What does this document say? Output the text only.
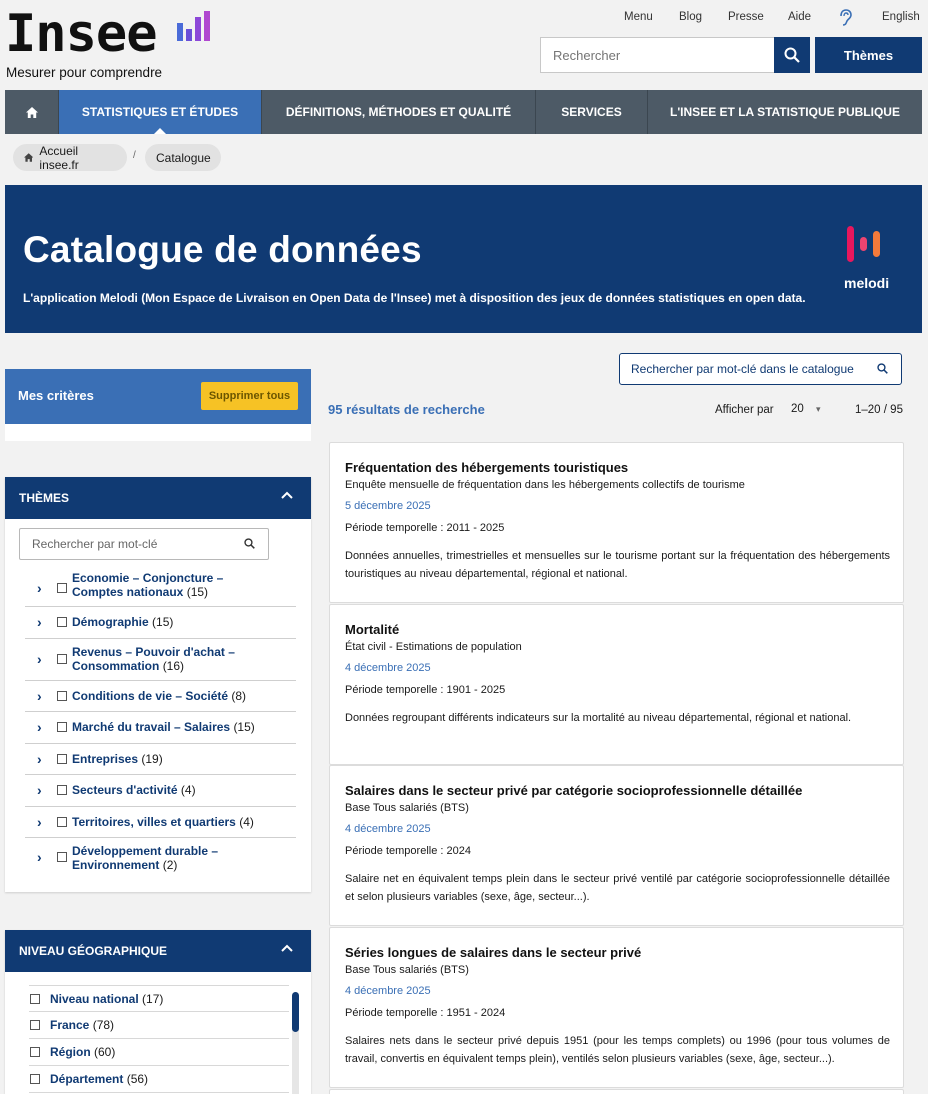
Insee
Mesurer pour comprendre
Menu Blog Presse Aide	English
Rechercher
Thèmes
STATISTIQUES ET ÉTUDES	DÉFINITIONS, MÉTHODES ET QUALITÉ	SERVICES	L'INSEE ET LA STATISTIQUE PUBLIQUE
Accueil insee.fr
/ Catalogue
Catalogue de données
L'application Melodi (Mon Espace de Livraison en Open Data de l'Insee) met à disposition des jeux de données statistiques en open data.
melodi
Mes critères	Supprimer tous
THÈMES
Rechercher par mot-clé
›
Economie – Conjoncture – Comptes nationaux (15)
›	Démographie (15)
›	Revenus – Pouvoir d'achat – Consommation (16)
›	Conditions de vie – Société (8)
›	Marché du travail – Salaires (15)
›	Entreprises (19)
›	Secteurs d'activité (4)
›	Territoires, villes et quartiers (4)
›	Développement durable – Environnement (2)
NIVEAU GÉOGRAPHIQUE
Niveau national (17)
France (78)
Région (60)
Département (56)
Rechercher par mot-clé dans le catalogue
95 résultats de recherche	Afficher par 20 ▾	1–20 / 95
Fréquentation des hébergements touristiques
Enquête mensuelle de fréquentation dans les hébergements collectifs de tourisme
5 décembre 2025
Période temporelle : 2011 - 2025
Données annuelles, trimestrielles et mensuelles sur le tourisme portant sur la fréquentation des hébergements touristiques au niveau départemental, régional et national.
Mortalité
État civil - Estimations de population
4 décembre 2025
Période temporelle : 1901 - 2025
Données regroupant différents indicateurs sur la mortalité au niveau départemental, régional et national.
Salaires dans le secteur privé par catégorie socioprofessionnelle détaillée
Base Tous salariés (BTS)
4 décembre 2025
Période temporelle : 2024
Salaire net en équivalent temps plein dans le secteur privé ventilé par catégorie socioprofessionnelle détaillée et selon plusieurs variables (sexe, âge, secteur...).
Séries longues de salaires dans le secteur privé
Base Tous salariés (BTS)
4 décembre 2025
Période temporelle : 1951 - 2024
Salaires nets dans le secteur privé depuis 1951 (pour les temps complets) ou 1996 (pour tous volumes de travail, convertis en équivalent temps plein), ventilés selon plusieurs variables (sexe, âge, secteur...).
